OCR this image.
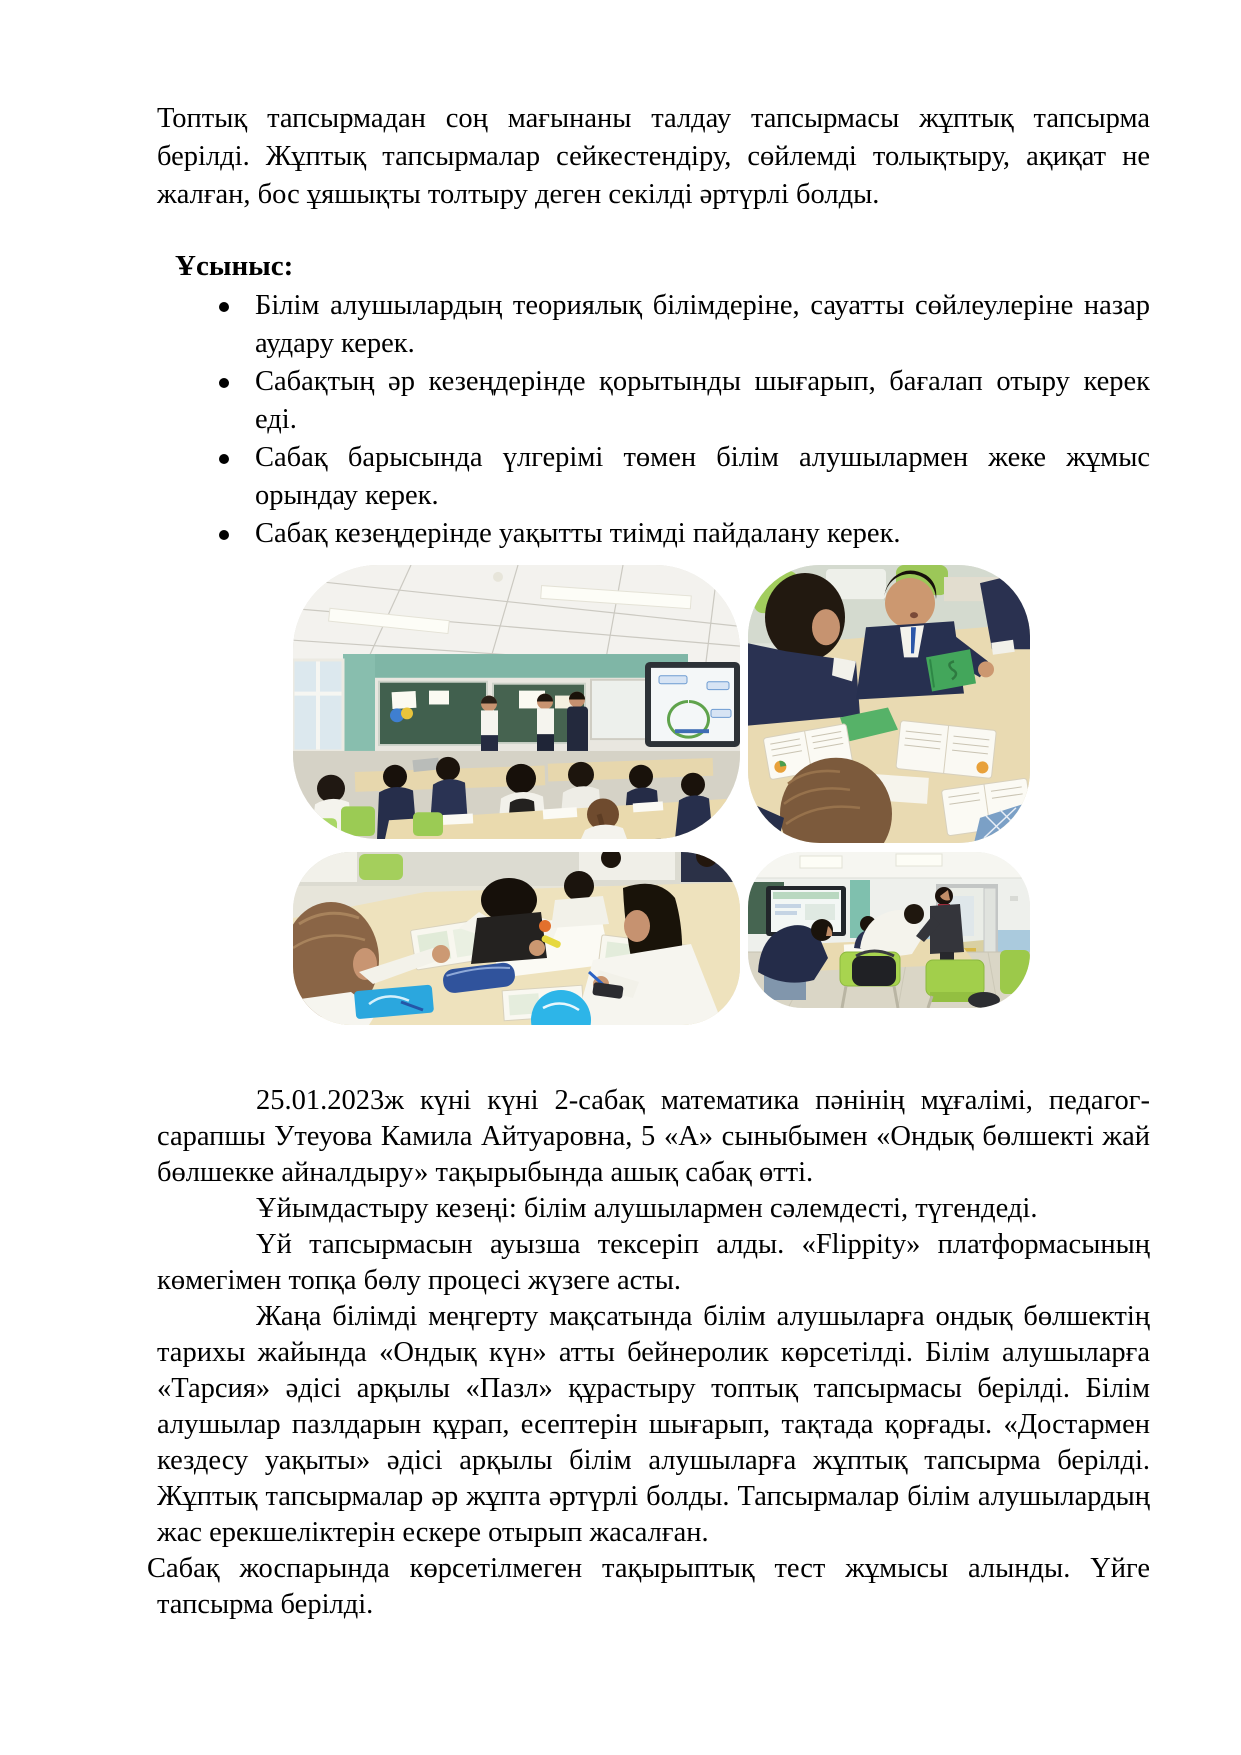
Топтық тапсырмадан соң мағынаны талдау тапсырмасы жұптық тапсырма берілді. Жұптық тапсырмалар сейкестендіру, сөйлемді толықтыру, ақиқат не жалған, бос ұяшықты толтыру деген секілді әртүрлі болды.

Ұсыныс:
Білім алушылардың теориялық білімдеріне, сауатты сөйлеулеріне назар аудару керек.
Сабақтың әр кезеңдерінде қорытынды шығарып, бағалап отыру керек еді.
Сабақ барысында үлгерімі төмен білім алушылармен жеке жұмыс орындау керек.
Сабақ кезеңдерінде уақытты тиімді пайдалану керек.

25.01.2023ж күні күні 2-сабақ математика пәнінің мұғалімі, педагог-сарапшы Утеуова Камила Айтуаровна, 5 «А» сыныбымен «Ондық бөлшекті жай бөлшекке айналдыру» тақырыбында ашық сабақ өтті.

Ұйымдастыру кезеңі: білім алушылармен сәлемдесті, түгендеді.

Үй тапсырмасын ауызша тексеріп алды. «Flippity» платформасының көмегімен топқа бөлу процесі жүзеге асты.

Жаңа білімді меңгерту мақсатында білім алушыларға ондық бөлшектің тарихы жайында «Ондық күн» атты бейнеролик көрсетілді. Білім алушыларға «Тарсия» әдісі арқылы «Пазл» құрастыру топтық тапсырмасы берілді. Білім алушылар пазлдарын құрап, есептерін шығарып, тақтада қорғады. «Достармен кездесу уақыты» әдісі арқылы білім алушыларға жұптық тапсырма берілді. Жұптық тапсырмалар әр жұпта әртүрлі болды. Тапсырмалар білім алушылардың жас ерекшеліктерін ескере отырып жасалған.

Сабақ жоспарында көрсетілмеген тақырыптық тест жұмысы алынды. Үйге тапсырма берілді.
